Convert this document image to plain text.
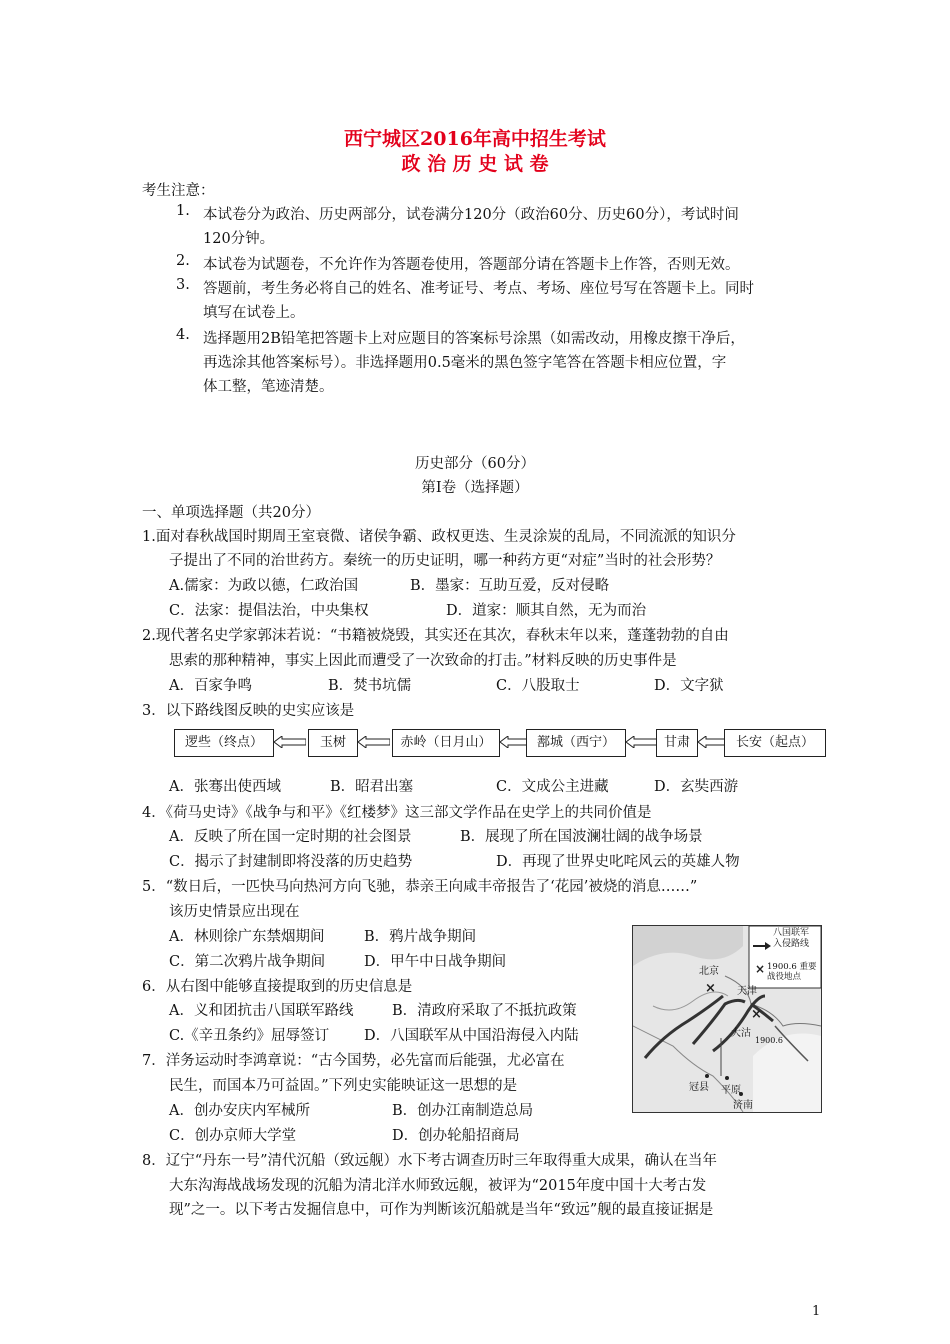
西宁城区2016年高中招生考试
政 治 历 史 试 卷
考生注意：
1. 本试卷分为政治、历史两部分，试卷满分120分（政治60分、历史60分），考试时间
120分钟。
2. 本试卷为试题卷，不允许作为答题卷使用，答题部分请在答题卡上作答，否则无效。
3. 答题前，考生务必将自己的姓名、准考证号、考点、考场、座位号写在答题卡上。同时
填写在试卷上。
4. 选择题用2B铅笔把答题卡上对应题目的答案标号涂黑（如需改动，用橡皮擦干净后，
再选涂其他答案标号）。非选择题用0.5毫米的黑色签字笔答在答题卡相应位置，字
体工整，笔迹清楚。
历史部分（60分）
第Ⅰ卷（选择题）
一、单项选择题（共20分）
1.面对春秋战国时期周王室衰微、诸侯争霸、政权更迭、生灵涂炭的乱局，不同流派的知识分
子提出了不同的治世药方。秦统一的历史证明，哪一种药方更“对症”当时的社会形势？
A.儒家：为政以德，仁政治国	B．墨家：互助互爱，反对侵略
C．法家：提倡法治，中央集权	D．道家：顺其自然，无为而治
2.现代著名史学家郭沫若说：“书籍被烧毁，其实还在其次，春秋末年以来，蓬蓬勃勃的自由
思索的那种精神，事实上因此而遭受了一次致命的打击。”材料反映的历史事件是
A．百家争鸣	B．焚书坑儒	C．八股取士	D．文字狱
3．以下路线图反映的史实应该是
逻些（终点）	玉树	赤岭（日月山）	鄯城（西宁）	甘肃	长安（起点）
A．张骞出使西域	B．昭君出塞	C．文成公主进藏	D．玄奘西游
4．《荷马史诗》《战争与和平》《红楼梦》这三部文学作品在史学上的共同价值是
A．反映了所在国一定时期的社会图景	B．展现了所在国波澜壮阔的战争场景
C．揭示了封建制即将没落的历史趋势	D．再现了世界史叱咤风云的英雄人物
5．“数日后，一匹快马向热河方向飞驰，恭亲王向咸丰帝报告了‘花园’被烧的消息……”
该历史情景应出现在
A．林则徐广东禁烟期间	B．鸦片战争期间
C．第二次鸦片战争期间	D．甲午中日战争期间
6．从右图中能够直接提取到的历史信息是
A．义和团抗击八国联军路线	B．清政府采取了不抵抗政策
C.《辛丑条约》屈辱签订 D．八国联军从中国沿海侵入内陆
7．洋务运动时李鸿章说：“古今国势，必先富而后能强，尤必富在
民生，而国本乃可益固。”下列史实能映证这一思想的是
A．创办安庆内军械所	B．创办江南制造总局
C．创办京师大学堂	D．创办轮船招商局
8．辽宁“丹东一号”清代沉船（致远舰）水下考古调查历时三年取得重大成果，确认在当年
大东沟海战战场发现的沉船为清北洋水师致远舰，被评为“2015年度中国十大考古发
现”之一。以下考古发掘信息中，可作为判断该沉船就是当年“致远”舰的最直接证据是
×
×
×
八国联军入侵路线
1900.6 重要战役地点
北京
天津
大沽
1900.6
冠县 平原
济南
1
